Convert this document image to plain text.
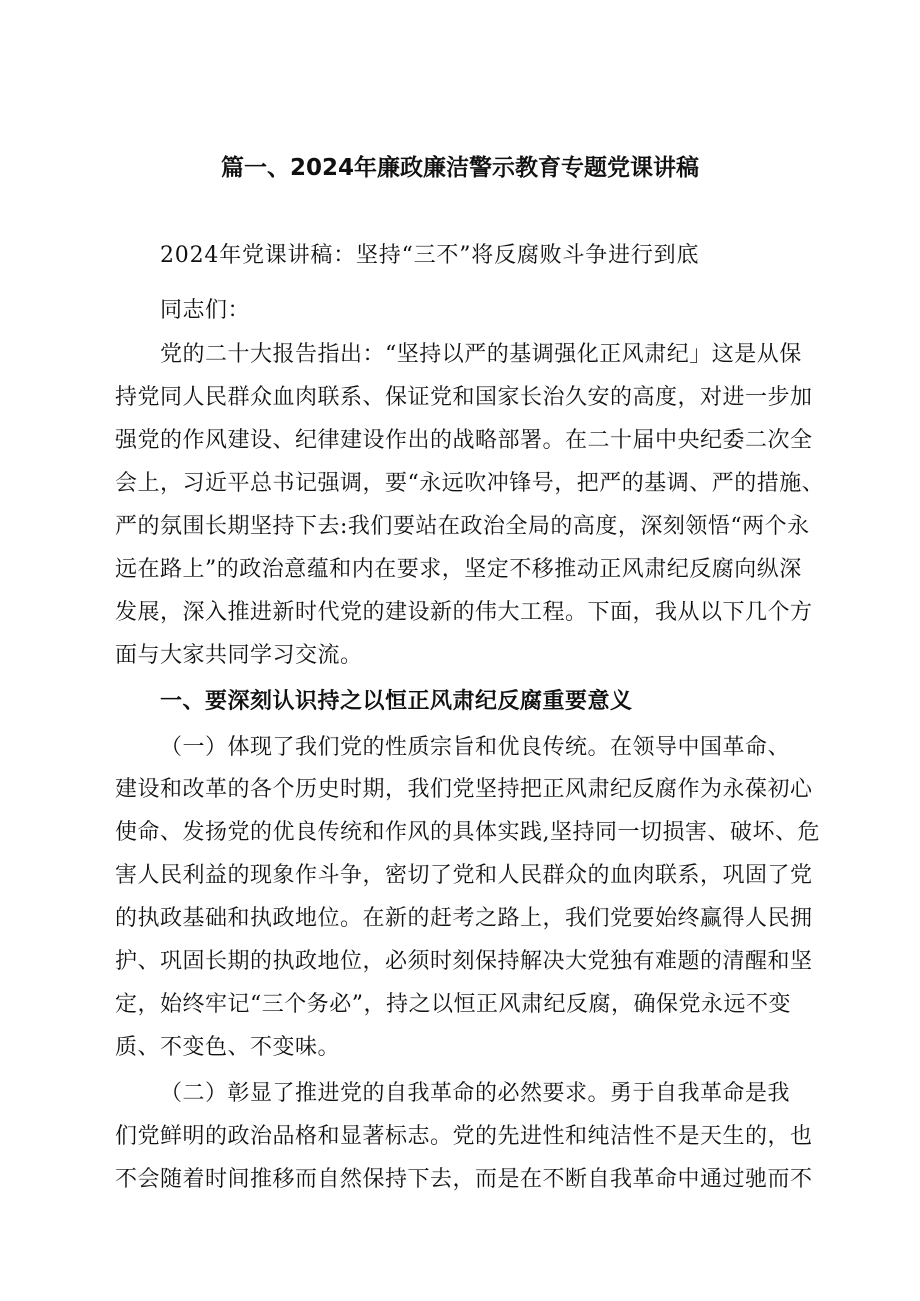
篇一、2024年廉政廉洁警示教育专题党课讲稿
2024年党课讲稿：坚持“三不”将反腐败斗争进行到底
同志们：
党的二十大报告指出：“坚持以严的基调强化正风肃纪」这是从保
持党同人民群众血肉联系、保证党和国家长治久安的高度，对进一步加
强党的作风建设、纪律建设作出的战略部署。在二十届中央纪委二次全
会上，习近平总书记强调，要“永远吹冲锋号，把严的基调、严的措施、
严的氛围长期坚持下去:我们要站在政治全局的高度，深刻领悟“两个永
远在路上”的政治意蕴和内在要求，坚定不移推动正风肃纪反腐向纵深
发展，深入推进新时代党的建设新的伟大工程。下面，我从以下几个方
面与大家共同学习交流。
一、要深刻认识持之以恒正风肃纪反腐重要意义
（一）体现了我们党的性质宗旨和优良传统。在领导中国革命、
建设和改革的各个历史时期，我们党坚持把正风肃纪反腐作为永葆初心
使命、发扬党的优良传统和作风的具体实践,坚持同一切损害、破坏、危
害人民利益的现象作斗争，密切了党和人民群众的血肉联系，巩固了党
的执政基础和执政地位。在新的赶考之路上，我们党要始终赢得人民拥
护、巩固长期的执政地位，必须时刻保持解决大党独有难题的清醒和坚
定，始终牢记“三个务必”，持之以恒正风肃纪反腐，确保党永远不变
质、不变色、不变味。
（二）彰显了推进党的自我革命的必然要求。勇于自我革命是我
们党鲜明的政治品格和显著标志。党的先进性和纯洁性不是天生的，也
不会随着时间推移而自然保持下去，而是在不断自我革命中通过驰而不
